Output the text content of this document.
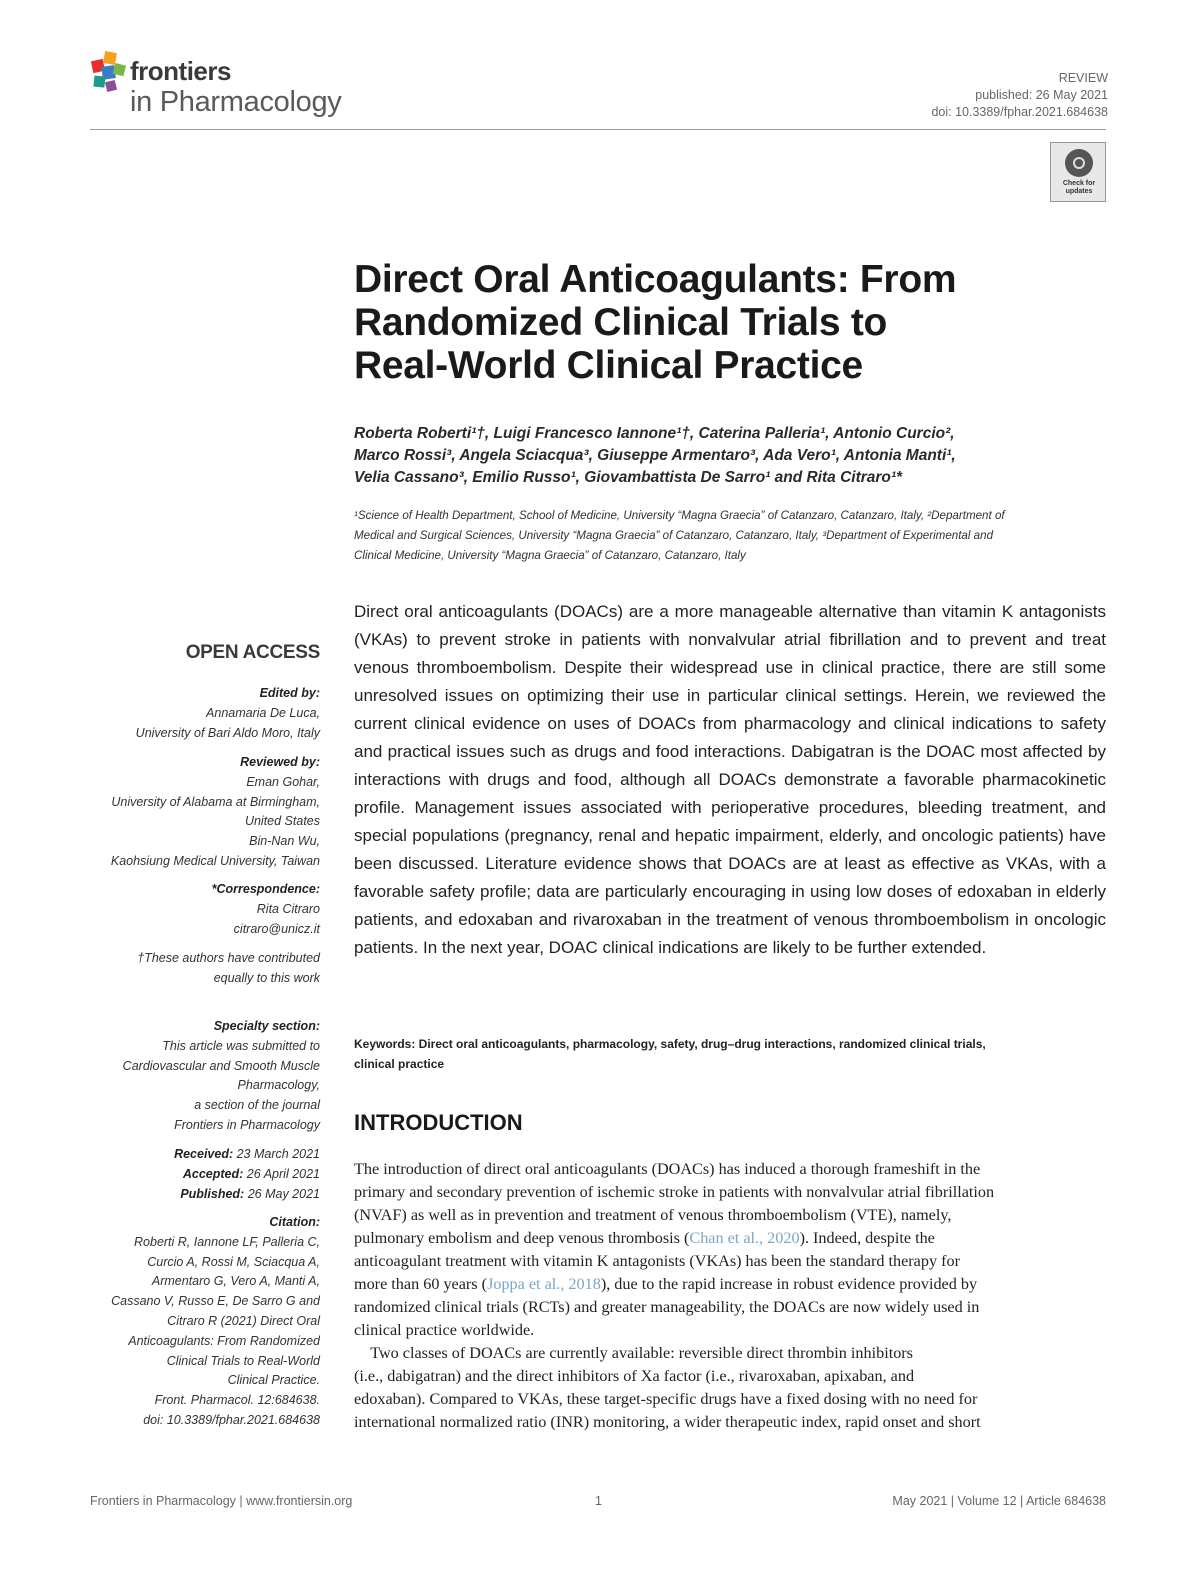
frontiers
in Pharmacology
REVIEW
published: 26 May 2021
doi: 10.3389/fphar.2021.684638
Check for updates
Direct Oral Anticoagulants: From
Randomized Clinical Trials to
Real-World Clinical Practice
Roberta Roberti¹†, Luigi Francesco Iannone¹†, Caterina Palleria¹, Antonio Curcio²,
Marco Rossi³, Angela Sciacqua³, Giuseppe Armentaro³, Ada Vero¹, Antonia Manti¹,
Velia Cassano³, Emilio Russo¹, Giovambattista De Sarro¹ and Rita Citraro¹*
¹Science of Health Department, School of Medicine, University “Magna Graecia” of Catanzaro, Catanzaro, Italy, ²Department of
Medical and Surgical Sciences, University “Magna Graecia” of Catanzaro, Catanzaro, Italy, ³Department of Experimental and
Clinical Medicine, University “Magna Graecia” of Catanzaro, Catanzaro, Italy
Direct oral anticoagulants (DOACs) are a more manageable alternative than vitamin K antagonists (VKAs) to prevent stroke in patients with nonvalvular atrial fibrillation and to prevent and treat venous thromboembolism. Despite their widespread use in clinical practice, there are still some unresolved issues on optimizing their use in particular clinical settings. Herein, we reviewed the current clinical evidence on uses of DOACs from pharmacology and clinical indications to safety and practical issues such as drugs and food interactions. Dabigatran is the DOAC most affected by interactions with drugs and food, although all DOACs demonstrate a favorable pharmacokinetic profile. Management issues associated with perioperative procedures, bleeding treatment, and special populations (pregnancy, renal and hepatic impairment, elderly, and oncologic patients) have been discussed. Literature evidence shows that DOACs are at least as effective as VKAs, with a favorable safety profile; data are particularly encouraging in using low doses of edoxaban in elderly patients, and edoxaban and rivaroxaban in the treatment of venous thromboembolism in oncologic patients. In the next year, DOAC clinical indications are likely to be further extended.
Keywords: Direct oral anticoagulants, pharmacology, safety, drug–drug interactions, randomized clinical trials,
clinical practice
INTRODUCTION
The introduction of direct oral anticoagulants (DOACs) has induced a thorough frameshift in the
primary and secondary prevention of ischemic stroke in patients with nonvalvular atrial fibrillation
(NVAF) as well as in prevention and treatment of venous thromboembolism (VTE), namely,
pulmonary embolism and deep venous thrombosis (Chan et al., 2020). Indeed, despite the
anticoagulant treatment with vitamin K antagonists (VKAs) has been the standard therapy for
more than 60 years (Joppa et al., 2018), due to the rapid increase in robust evidence provided by
randomized clinical trials (RCTs) and greater manageability, the DOACs are now widely used in
clinical practice worldwide.
Two classes of DOACs are currently available: reversible direct thrombin inhibitors
(i.e., dabigatran) and the direct inhibitors of Xa factor (i.e., rivaroxaban, apixaban, and
edoxaban). Compared to VKAs, these target-specific drugs have a fixed dosing with no need for
international normalized ratio (INR) monitoring, a wider therapeutic index, rapid onset and short
OPEN ACCESS
Edited by:
Annamaria De Luca,
University of Bari Aldo Moro, Italy
Reviewed by:
Eman Gohar,
University of Alabama at Birmingham,
United States
Bin-Nan Wu,
Kaohsiung Medical University, Taiwan
*Correspondence:
Rita Citraro
citraro@unicz.it
†These authors have contributed
equally to this work
Specialty section:
This article was submitted to
Cardiovascular and Smooth Muscle
Pharmacology,
a section of the journal
Frontiers in Pharmacology
Received: 23 March 2021
Accepted: 26 April 2021
Published: 26 May 2021
Citation:
Roberti R, Iannone LF, Palleria C,
Curcio A, Rossi M, Sciacqua A,
Armentaro G, Vero A, Manti A,
Cassano V, Russo E, De Sarro G and
Citraro R (2021) Direct Oral
Anticoagulants: From Randomized
Clinical Trials to Real-World
Clinical Practice.
Front. Pharmacol. 12:684638.
doi: 10.3389/fphar.2021.684638
Frontiers in Pharmacology | www.frontiersin.org	1	May 2021 | Volume 12 | Article 684638
